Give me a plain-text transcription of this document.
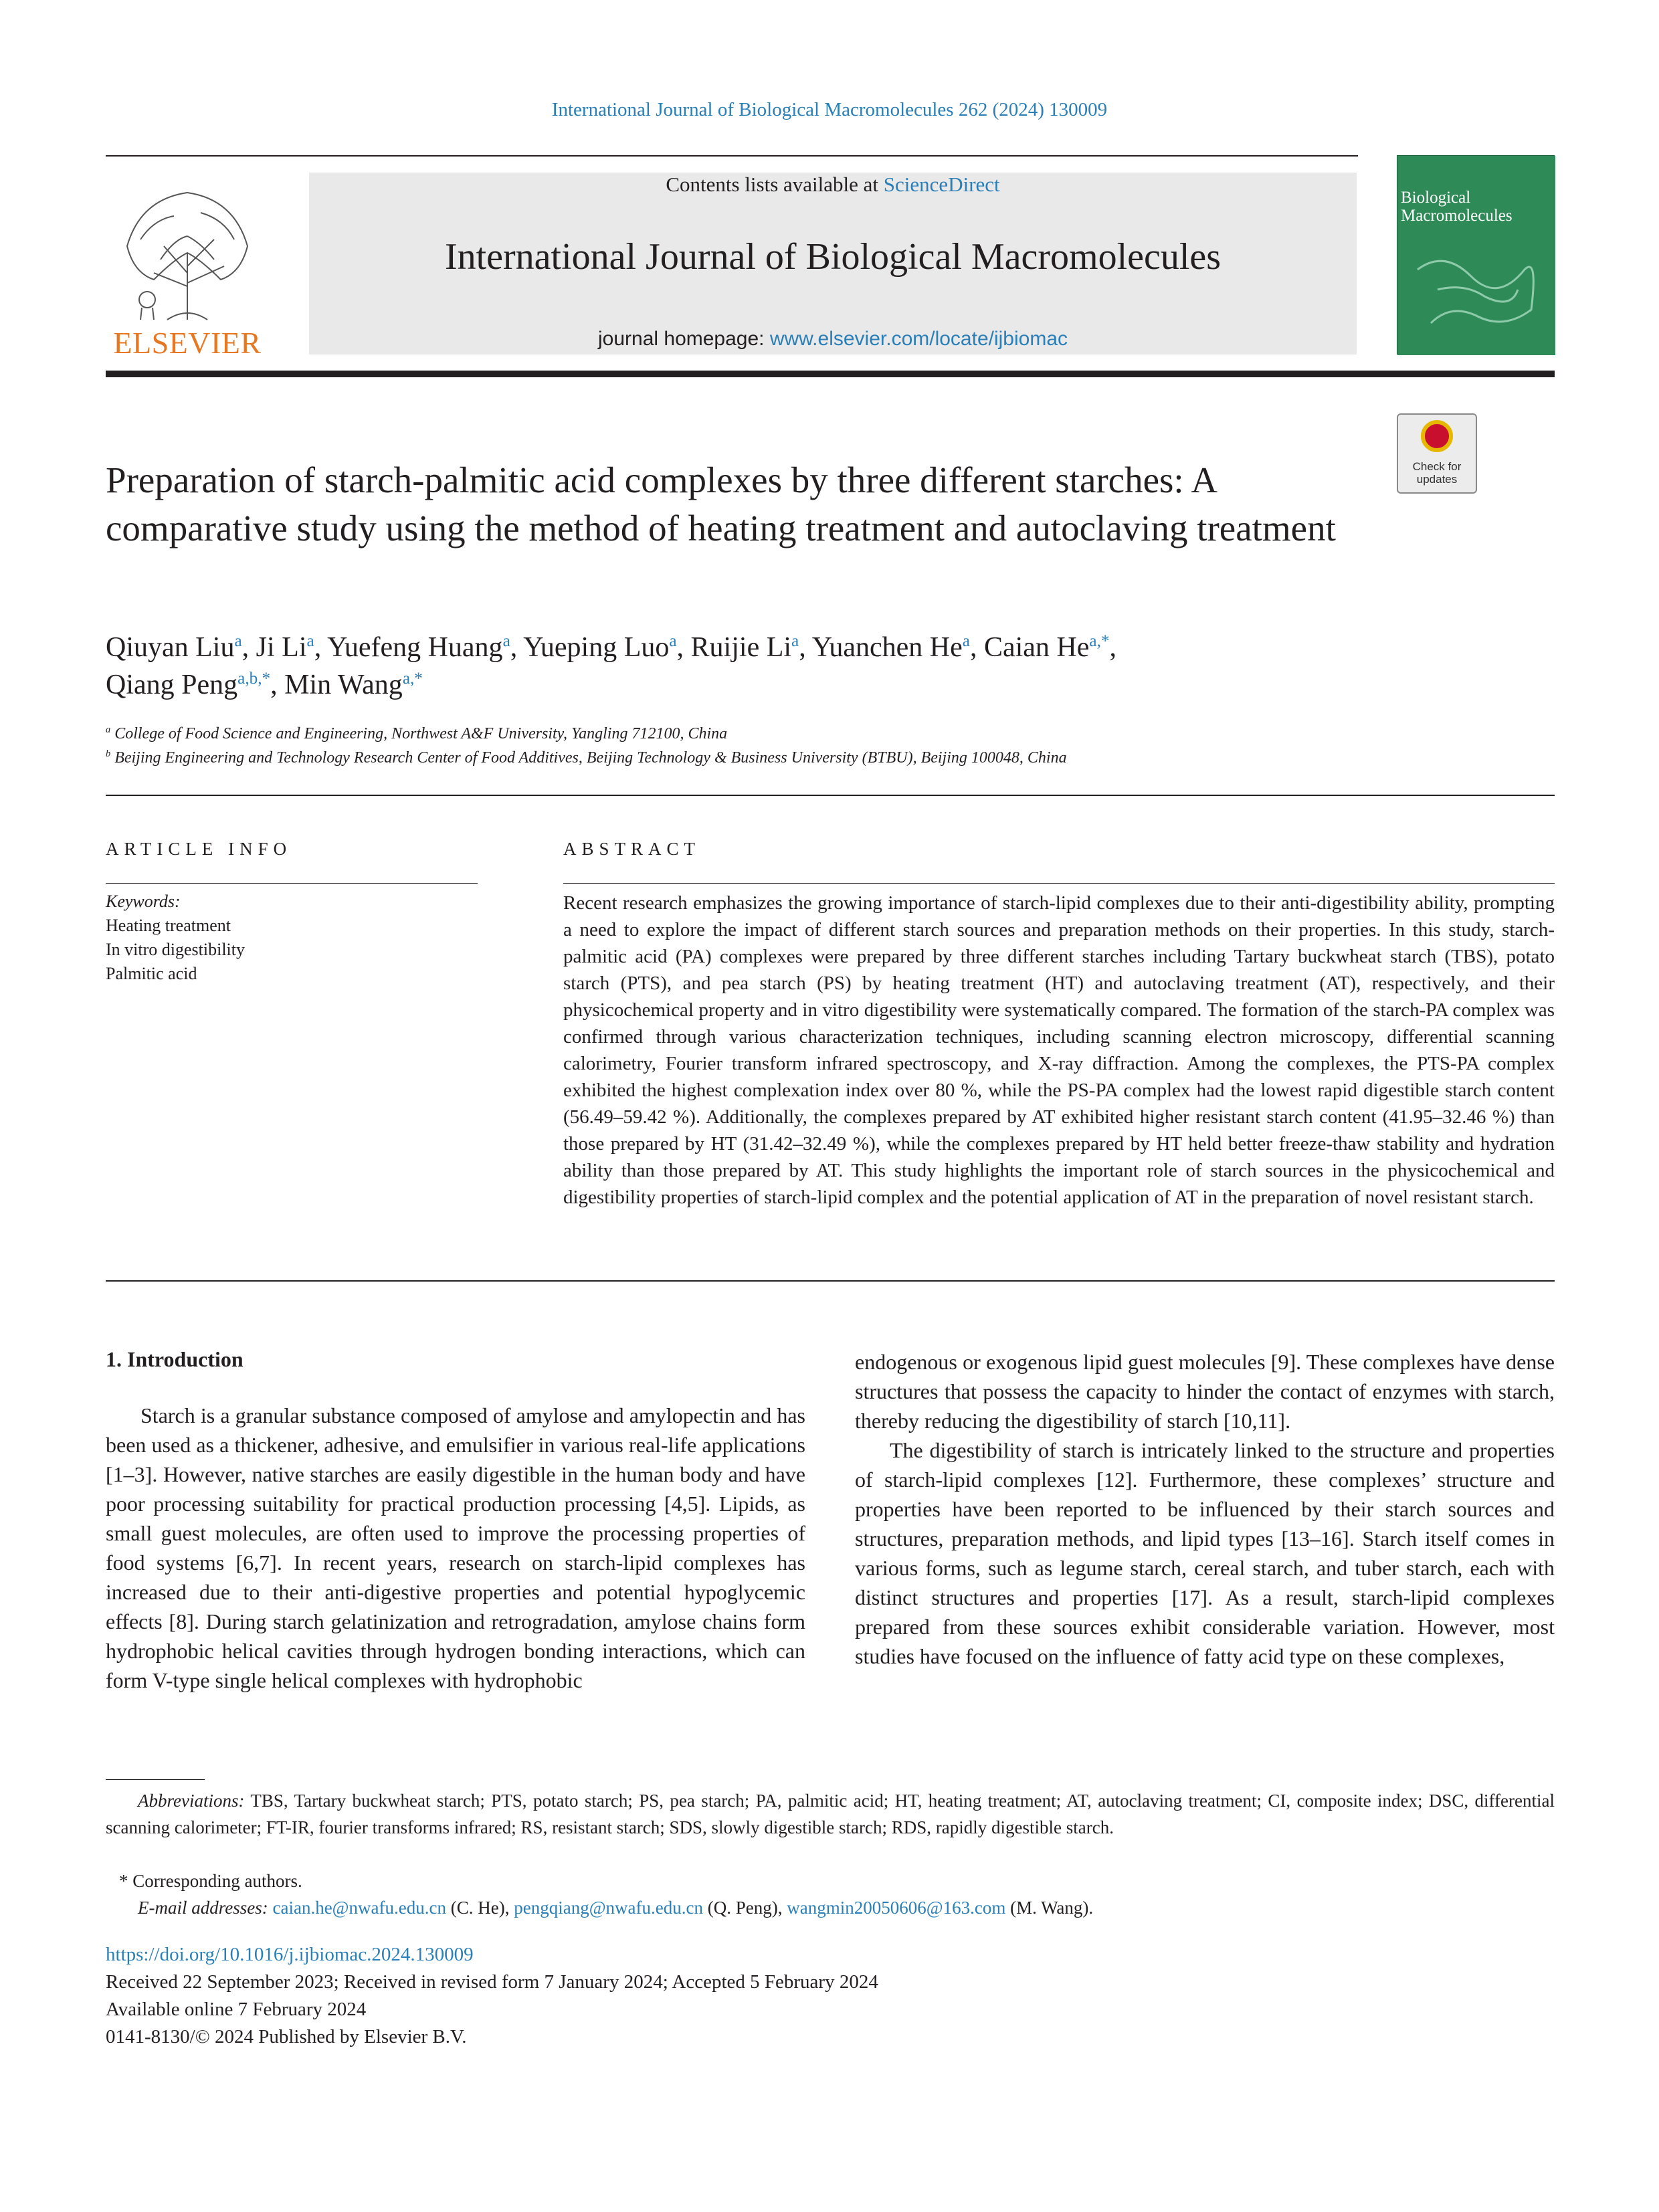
International Journal of Biological Macromolecules 262 (2024) 130009
ELSEVIER
Contents lists available at ScienceDirect
International Journal of Biological Macromolecules
journal homepage: www.elsevier.com/locate/ijbiomac
Biological Macromolecules
Check for updates
Preparation of starch-palmitic acid complexes by three different starches: A comparative study using the method of heating treatment and autoclaving treatment
Qiuyan Liu$^a$, Ji Li$^a$, Yuefeng Huang$^a$, Yueping Luo$^a$, Ruijie Li$^a$, Yuanchen He$^a$, Caian $He^{a,*}$,
Qiang Peng$^{a,b,*}$, Min Wang$^{a,*}$
$^a$ College of Food Science and Engineering, Northwest A&F University, Yangling 712100, China
$^b$ Beijing Engineering and Technology Research Center of Food Additives, Beijing Technology & Business University (BTBU), Beijing 100048, China
ARTICLE INFO
Keywords:
Heating treatment
In vitro digestibility
Palmitic acid
ABSTRACT
Recent research emphasizes the growing importance of starch-lipid complexes due to their anti-digestibility ability, prompting a need to explore the impact of different starch sources and preparation methods on their properties. In this study, starch-palmitic acid (PA) complexes were prepared by three different starches including Tartary buckwheat starch (TBS), potato starch (PTS), and pea starch (PS) by heating treatment (HT) and autoclaving treatment (AT), respectively, and their physicochemical property and in vitro digestibility were systematically compared. The formation of the starch-PA complex was confirmed through various characterization techniques, including scanning electron microscopy, differential scanning calorimetry, Fourier transform infrared spectroscopy, and X-ray diffraction. Among the complexes, the PTS-PA complex exhibited the highest complexation index over 80 %, while the PS-PA complex had the lowest rapid digestible starch content (56.49–59.42 %). Additionally, the complexes prepared by AT exhibited higher resistant starch content (41.95–32.46 %) than those prepared by HT (31.42–32.49 %), while the complexes prepared by HT held better freeze-thaw stability and hydration ability than those prepared by AT. This study highlights the important role of starch sources in the physicochemical and digestibility properties of starch-lipid complex and the potential application of AT in the preparation of novel resistant starch.
1. Introduction

Starch is a granular substance composed of amylose and amylopectin and has been used as a thickener, adhesive, and emulsifier in various real-life applications [1–3]. However, native starches are easily digestible in the human body and have poor processing suitability for practical production processing [4,5]. Lipids, as small guest molecules, are often used to improve the processing properties of food systems [6,7]. In recent years, research on starch-lipid complexes has increased due to their anti-digestive properties and potential hypoglycemic effects [8]. During starch gelatinization and retrogradation, amylose chains form hydrophobic helical cavities through hydrogen bonding interactions, which can form V-type single helical complexes with hydrophobic

endogenous or exogenous lipid guest molecules [9]. These complexes have dense structures that possess the capacity to hinder the contact of enzymes with starch, thereby reducing the digestibility of starch [10,11].

The digestibility of starch is intricately linked to the structure and properties of starch-lipid complexes [12]. Furthermore, these complexes’ structure and properties have been reported to be influenced by their starch sources and structures, preparation methods, and lipid types [13–16]. Starch itself comes in various forms, such as legume starch, cereal starch, and tuber starch, each with distinct structures and properties [17]. As a result, starch-lipid complexes prepared from these sources exhibit considerable variation. However, most studies have focused on the influence of fatty acid type on these complexes,

Abbreviations: TBS, Tartary buckwheat starch; PTS, potato starch; PS, pea starch; PA, palmitic acid; HT, heating treatment; AT, autoclaving treatment; CI, composite index; DSC, differential scanning calorimeter; FT-IR, fourier transforms infrared; RS, resistant starch; SDS, slowly digestible starch; RDS, rapidly digestible starch.
* Corresponding authors.
E-mail addresses: caian.he@nwafu.edu.cn (C. He), pengqiang@nwafu.edu.cn (Q. Peng), wangmin20050606@163.com (M. Wang).
https://doi.org/10.1016/j.ijbiomac.2024.130009
Received 22 September 2023; Received in revised form 7 January 2024; Accepted 5 February 2024
Available online 7 February 2024
0141-8130/© 2024 Published by Elsevier B.V.
